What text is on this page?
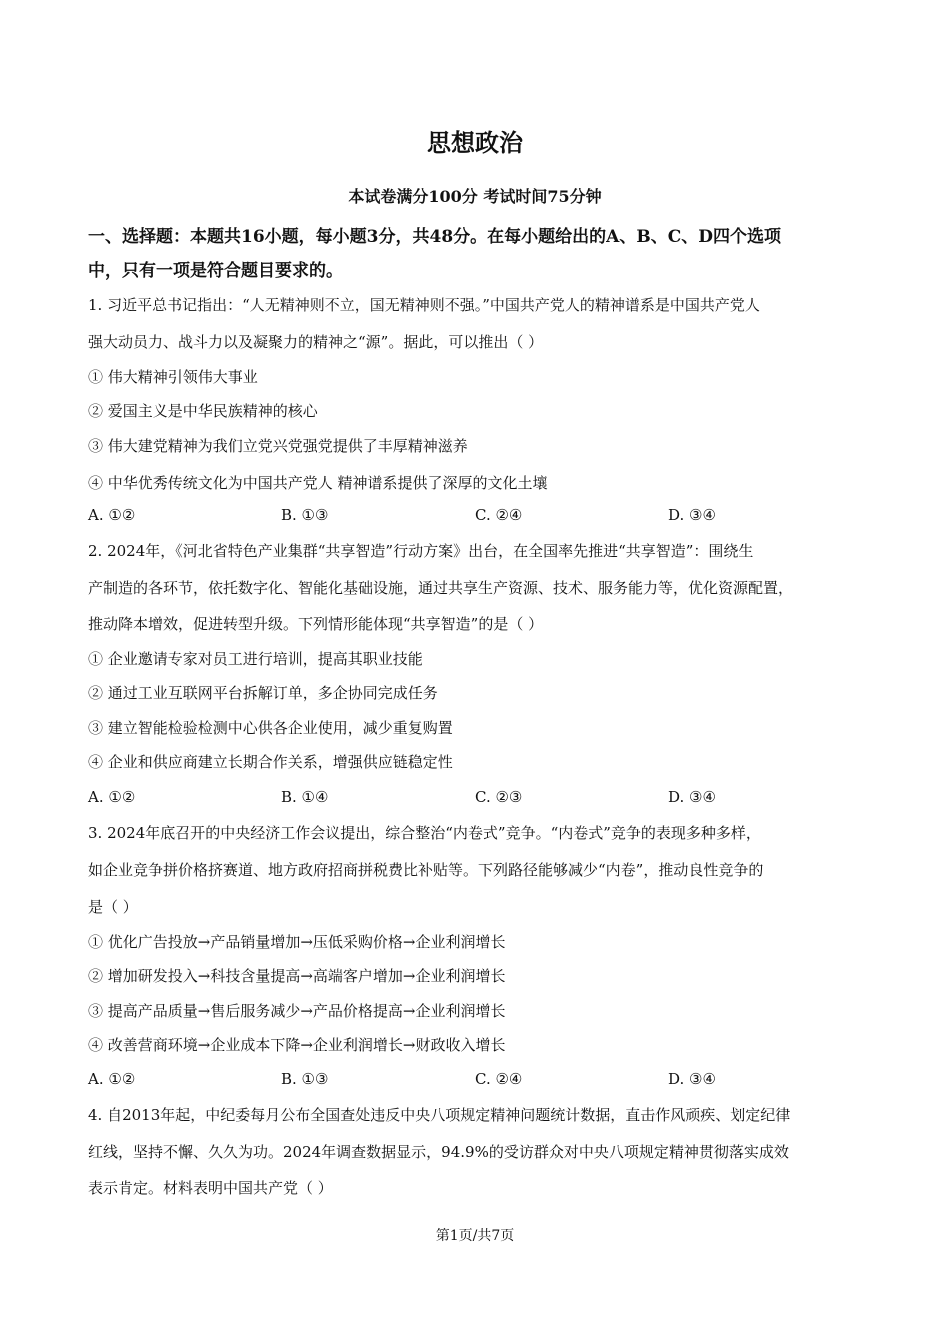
思想政治
本试卷满分100分 考试时间75分钟
一、选择题：本题共16小题，每小题3分，共48分。在每小题给出的A、B、C、D四个选项
中，只有一项是符合题目要求的。
1. 习近平总书记指出：“人无精神则不立，国无精神则不强。”中国共产党人的精神谱系是中国共产党人
强大动员力、战斗力以及凝聚力的精神之“源”。据此，可以推出（ ）
① 伟大精神引领伟大事业
② 爱国主义是中华民族精神的核心
③ 伟大建党精神为我们立党兴党强党提供了丰厚精神滋养
④ 中华优秀传统文化为中国共产党人 精神谱系提供了深厚的文化土壤
A. ①②	B. ①③	C. ②④	D. ③④
2. 2024年，《河北省特色产业集群“共享智造”行动方案》出台，在全国率先推进“共享智造”：围绕生
产制造的各环节，依托数字化、智能化基础设施，通过共享生产资源、技术、服务能力等，优化资源配置，
推动降本增效，促进转型升级。下列情形能体现“共享智造”的是（ ）
① 企业邀请专家对员工进行培训，提高其职业技能
② 通过工业互联网平台拆解订单，多企协同完成任务
③ 建立智能检验检测中心供各企业使用，减少重复购置
④ 企业和供应商建立长期合作关系，增强供应链稳定性
A. ①②	B. ①④	C. ②③	D. ③④
3. 2024年底召开的中央经济工作会议提出，综合整治“内卷式”竞争。“内卷式”竞争的表现多种多样，
如企业竞争拼价格挤赛道、地方政府招商拼税费比补贴等。下列路径能够减少“内卷”，推动良性竞争的
是（ ）
① 优化广告投放→产品销量增加→压低采购价格→企业利润增长
② 增加研发投入→科技含量提高→高端客户增加→企业利润增长
③ 提高产品质量→售后服务减少→产品价格提高→企业利润增长
④ 改善营商环境→企业成本下降→企业利润增长→财政收入增长
A. ①②	B. ①③	C. ②④	D. ③④
4. 自2013年起，中纪委每月公布全国查处违反中央八项规定精神问题统计数据，直击作风顽疾、划定纪律
红线，坚持不懈、久久为功。2024年调查数据显示，94.9%的受访群众对中央八项规定精神贯彻落实成效
表示肯定。材料表明中国共产党（ ）
第1页/共7页
